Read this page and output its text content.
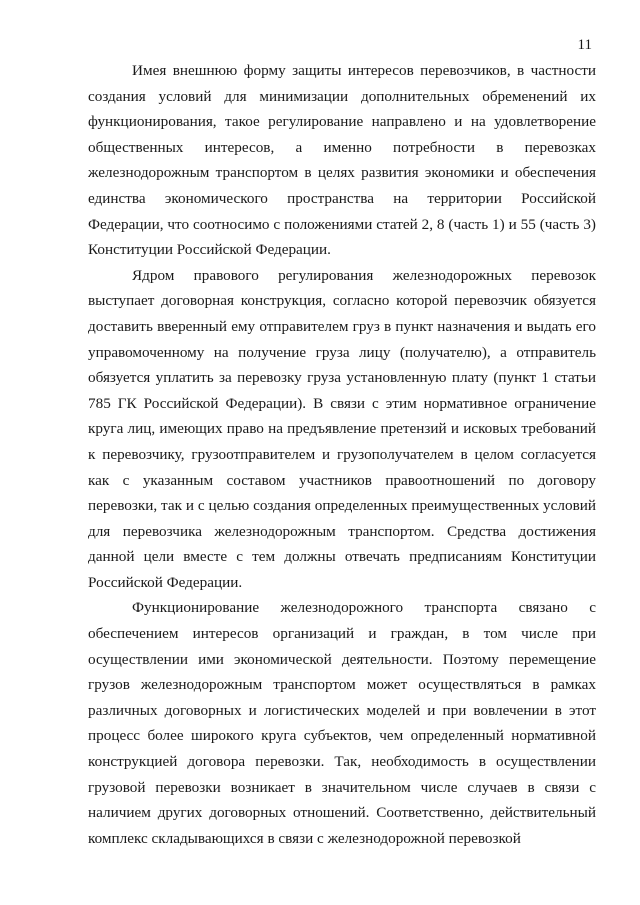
11

Имея внешнюю форму защиты интересов перевозчиков, в частности создания условий для минимизации дополнительных обременений их функционирования, такое регулирование направлено и на удовлетворение общественных интересов, а именно потребности в перевозках железнодорожным транспортом в целях развития экономики и обеспечения единства экономического пространства на территории Российской Федерации, что соотносимо с положениями статей 2, 8 (часть 1) и 55 (часть 3) Конституции Российской Федерации.

Ядром правового регулирования железнодорожных перевозок выступает договорная конструкция, согласно которой перевозчик обязуется доставить вверенный ему отправителем груз в пункт назначения и выдать его управомоченному на получение груза лицу (получателю), а отправитель обязуется уплатить за перевозку груза установленную плату (пункт 1 статьи 785 ГК Российской Федерации). В связи с этим нормативное ограничение круга лиц, имеющих право на предъявление претензий и исковых требований к перевозчику, грузоотправителем и грузополучателем в целом согласуется как с указанным составом участников правоотношений по договору перевозки, так и с целью создания определенных преимущественных условий для перевозчика железнодорожным транспортом. Средства достижения данной цели вместе с тем должны отвечать предписаниям Конституции Российской Федерации.

Функционирование железнодорожного транспорта связано с обеспечением интересов организаций и граждан, в том числе при осуществлении ими экономической деятельности. Поэтому перемещение грузов железнодорожным транспортом может осуществляться в рамках различных договорных и логистических моделей и при вовлечении в этот процесс более широкого круга субъектов, чем определенный нормативной конструкцией договора перевозки. Так, необходимость в осуществлении грузовой перевозки возникает в значительном числе случаев в связи с наличием других договорных отношений. Соответственно, действительный комплекс складывающихся в связи с железнодорожной перевозкой
